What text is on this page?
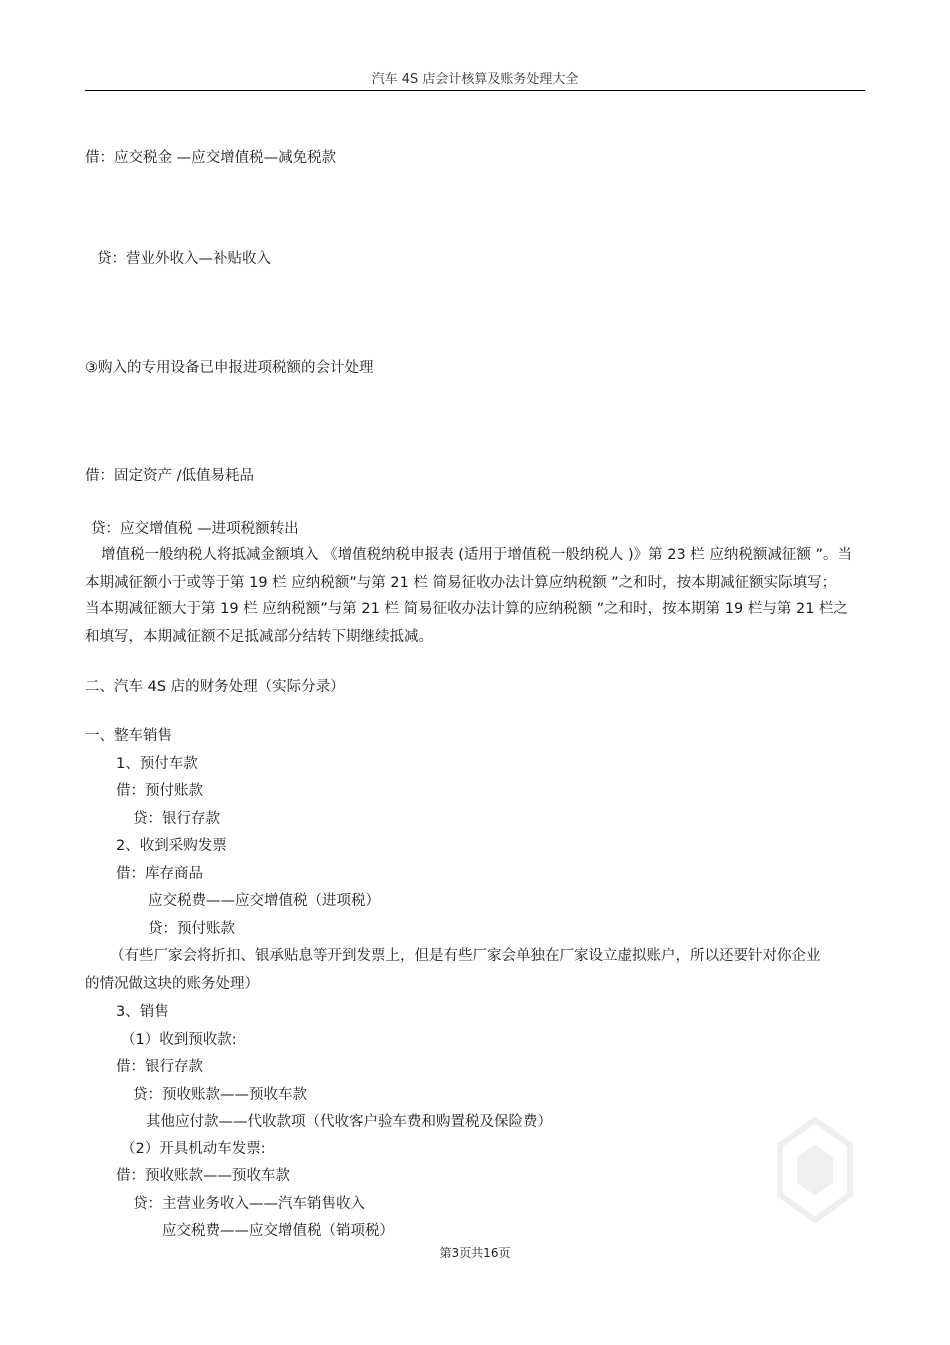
汽车 4S 店会计核算及账务处理大全
借：应交税金 —应交增值税—减免税款
贷：营业外收入—补贴收入
③购入的专用设备已申报进项税额的会计处理
借：固定资产 /低值易耗品
贷：应交增值税 —进项税额转出
增值税一般纳税人将抵减金额填入 《增值税纳税申报表 (适用于增值税一般纳税人 )》第 23 栏 应纳税额减征额 ”。当
本期减征额小于或等于第 19 栏 应纳税额”与第 21 栏 简易征收办法计算应纳税额 ”之和时，按本期减征额实际填写；
当本期减征额大于第 19 栏 应纳税额”与第 21 栏 简易征收办法计算的应纳税额 ”之和时，按本期第 19 栏与第 21 栏之
和填写，本期减征额不足抵减部分结转下期继续抵减。
二、汽车 4S 店的财务处理（实际分录）
一、整车销售
1、预付车款
借：预付账款
贷：银行存款
2、收到采购发票
借：库存商品
应交税费——应交增值税（进项税）
贷：预付账款
（有些厂家会将折扣、银承贴息等开到发票上，但是有些厂家会单独在厂家设立虚拟账户，所以还要针对你企业
的情况做这块的账务处理）
3、销售
（1）收到预收款:
借：银行存款
贷：预收账款——预收车款
其他应付款——代收款项（代收客户验车费和购置税及保险费）
（2）开具机动车发票:
借：预收账款——预收车款
贷：主营业务收入——汽车销售收入
应交税费——应交增值税（销项税）
第3页共16页
